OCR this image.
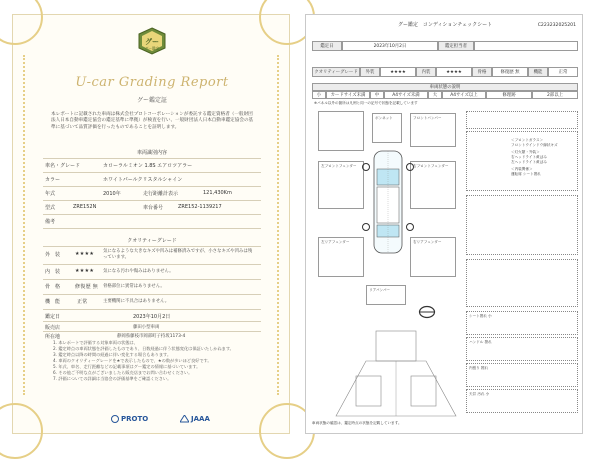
グー
グー鑑定
U-car Grading Report
グー鑑定証
本レポートに記載された車両は株式会社プロトコーポレーションが委託する鑑定資格者（一般財団法人日本自動車鑑定協会の鑑定基準に準拠）が検査を行い、一般財団法人日本自動車鑑定協会の基準に基づいて品質評価を行ったものであることを証明します。
車両識別内容
車名・グレード	カローラルミオン 1.8S エアロツアラー
カラー	ホワイトパールクリスタルシャイン
年式	2010年	走行距離計表示	121,430Km
型式	ZRE152N	車台番号	ZRE152-1139217
備考
クオリティーグレード
外　装	★★★★ 気になるような大きなキズや凹みは補修済みですが、小さなキズや凹みは残っています。
内　装	★★★★ 気になる汚れや傷みはありません。
骨　格	修復歴 無 骨格部位に異常はありません。
機　能	正常	主要機関に不具合はありません。
鑑定日	2023年10月2日
販売店	藤田小型車両
所在地	静岡県藤枝市岡部町子持坂1173-4
1. 本レポートで評価する対象車両の状態は、
2. 鑑定時点の車両状態を評価したものであり、日数経過に伴う状態変化は保証いたしかねます。
3. 鑑定時点以降の時間の経過に伴い変化する場合もあります。
4. 車両のクオリティーグレードを★で表示したもので、★の数が多いほど良好です。
5. 年式、車名、走行距離などの記載事項はグー鑑定の情報に基づいています。
6. その他ご不明な点がございましたら販売店までお問い合わせください。
7. 評価についての詳細は当協会の評価基準をご確認ください。
PROTO	JAAA
グー鑑定　コンディションチェックシート	C223232025201
鑑定日	2023年10月2日	鑑定担当者
クオリティーグレード	外装	★★★★	内装	★★★★	骨格	修復歴 無	機能	正常
車両状態の説明
小	カードサイズ未満	中	A4サイズ未満	大	A4サイズ以上	修理跡	2部以上
※パネル以外の箇所は凡例と同一の記号で状態を記載しています
ボンネット	フロントバンパー
左フロントフェンダー	右フロントフェンダー
左リアフェンダー	右リアフェンダー
リアバンパー
＜フロントガラス＞
フロントウインドウ線状キズ
＜灯火類・外装＞
右ヘッドライト黄ばみ
左ヘッドライト黄ばみ
＜内装関係＞
運転席 シート擦れ
シート擦れ 小
ハンドル 擦れ
内張り 擦れ
天井 汚れ 小
車両状態の確認は、鑑定時点の状態を記載しています。
